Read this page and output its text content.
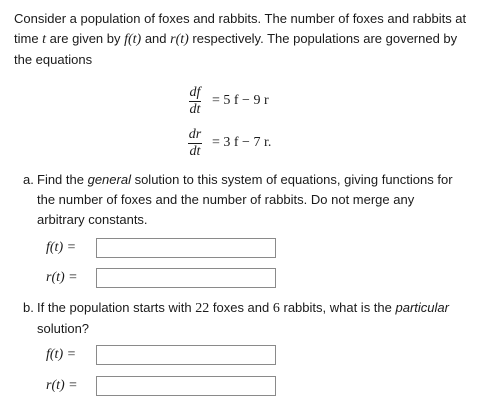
Consider a population of foxes and rabbits. The number of foxes and rabbits at time t are given by f(t) and r(t) respectively. The populations are governed by the equations
$\frac{df}{dt} = 5$ f − 9 r
$\frac{dr}{dt} = 3$ f − 7 r.
a. Find the general solution to this system of equations, giving functions for the number of foxes and the number of rabbits. Do not merge any arbitrary constants.
f(t) =
r(t) =
b. If the population starts with 22 foxes and 6 rabbits, what is the particular solution?
f(t) =
r(t) =
